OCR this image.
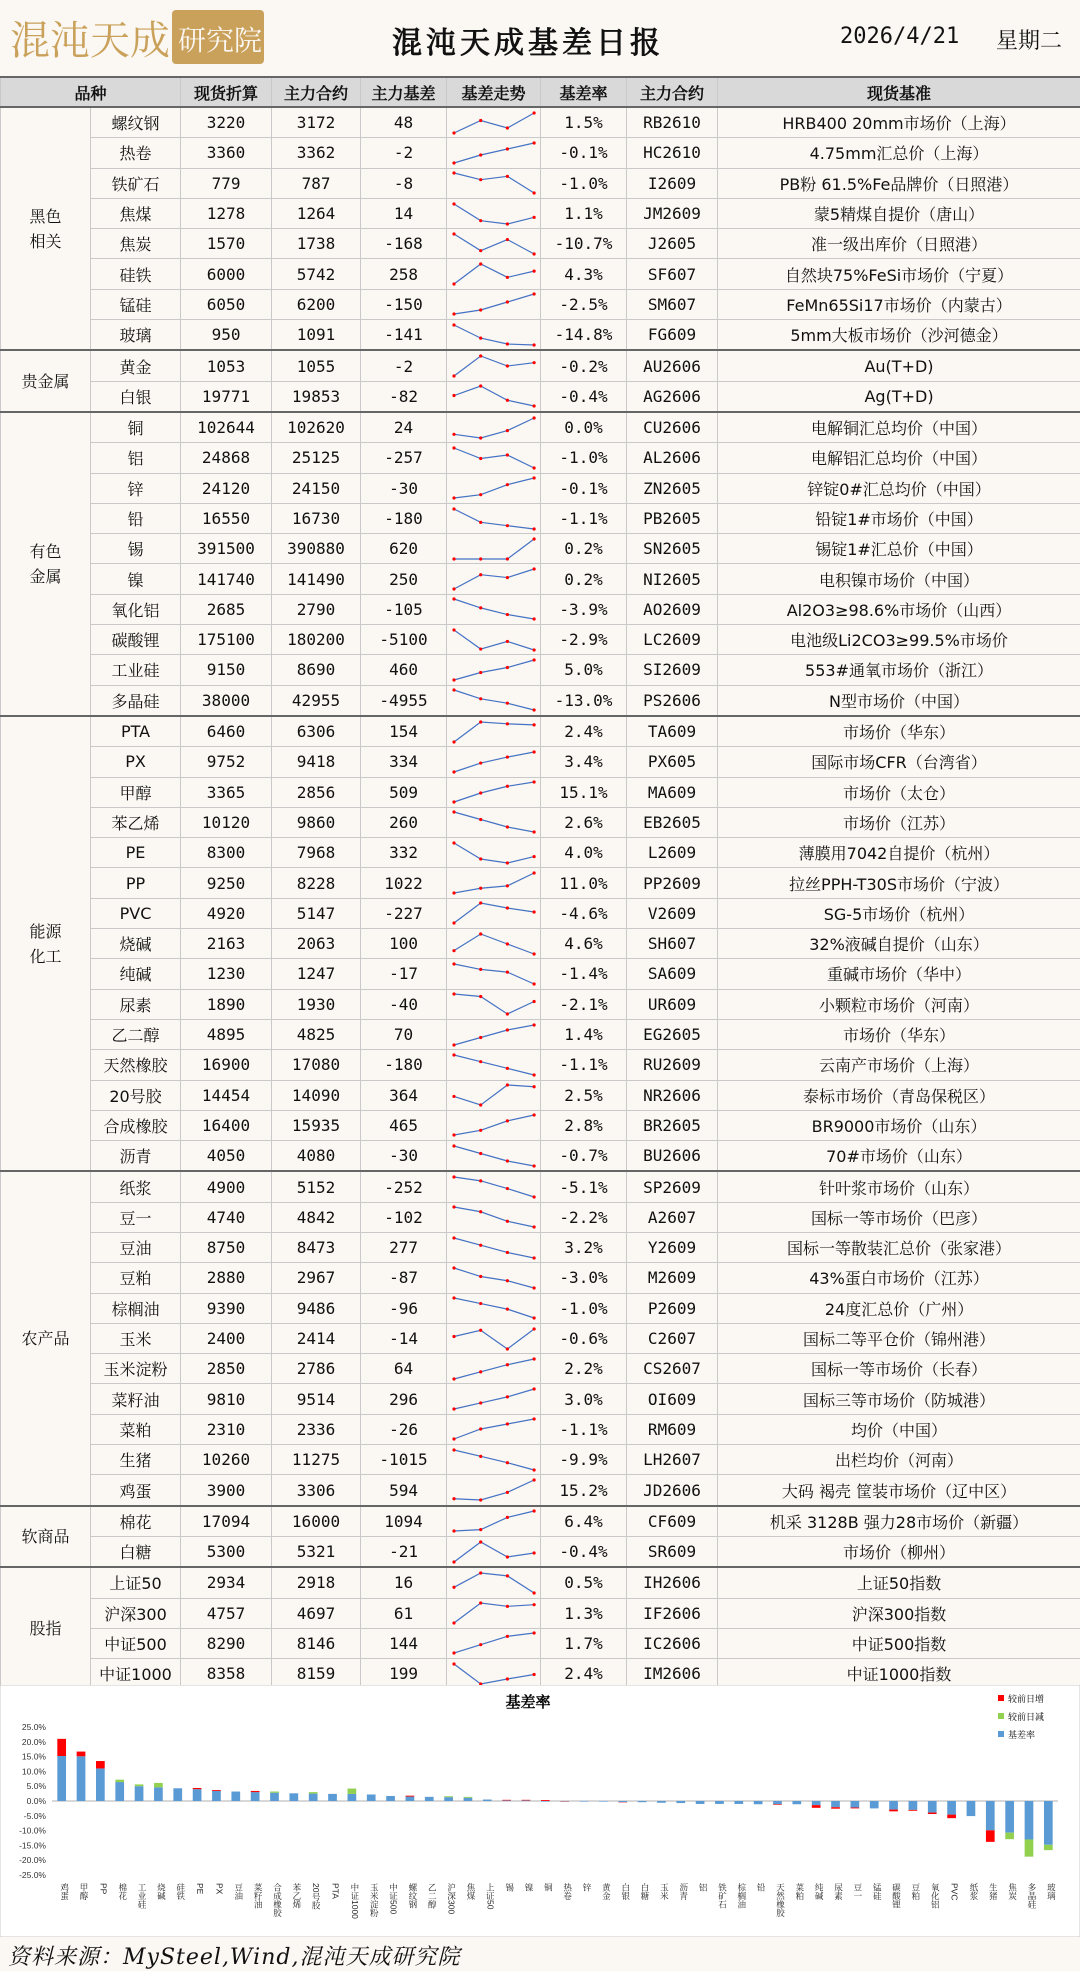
混沌天成 研究院	混沌天成基差日报	2026/4/21 星期二
品种		现货折算	主力合约	主力基差	基差走势	基差率	主力合约	现货基准

黑色
相关	螺纹钢	3220	3172	48		1.5%	RB2610	HRB400 20mm市场价（上海）
	热卷	3360	3362	-2		-0.1%	HC2610	4.75mm汇总价（上海）
	铁矿石	779	787	-8		-1.0%	I2609	PB粉 61.5%Fe品牌价（日照港）
	焦煤	1278	1264	14		1.1%	JM2609	蒙5精煤自提价（唐山）
	焦炭	1570	1738	-168		-10.7%	J2605	准一级出库价（日照港）
	硅铁	6000	5742	258		4.3%	SF607	自然块75%FeSi市场价（宁夏）
	锰硅	6050	6200	-150		-2.5%	SM607	FeMn65Si17市场价（内蒙古）
	玻璃	950	1091	-141		-14.8%	FG609	5mm大板市场价（沙河德金）

贵金属	黄金	1053	1055	-2		-0.2%	AU2606	Au(T+D)
	白银	19771	19853	-82		-0.4%	AG2606	Ag(T+D)

有色
金属	铜	102644	102620	24		0.0%	CU2606	电解铜汇总均价（中国）
	铝	24868	25125	-257		-1.0%	AL2606	电解铝汇总均价（中国）
	锌	24120	24150	-30		-0.1%	ZN2605	锌锭0#汇总均价（中国）
	铅	16550	16730	-180		-1.1%	PB2605	铅锭1#市场价（中国）
	锡	391500	390880	620		0.2%	SN2605	锡锭1#汇总价（中国）
	镍	141740	141490	250		0.2%	NI2605	电积镍市场价（中国）
	氧化铝	2685	2790	-105		-3.9%	AO2609	Al2O3≥98.6%市场价（山西）
	碳酸锂	175100	180200	-5100		-2.9%	LC2609	电池级Li2CO3≥99.5%市场价
	工业硅	9150	8690	460		5.0%	SI2609	553#通氧市场价（浙江）
	多晶硅	38000	42955	-4955		-13.0%	PS2606	N型市场价（中国）

能源
化工	PTA	6460	6306	154		2.4%	TA609	市场价（华东）
	PX	9752	9418	334		3.4%	PX605	国际市场CFR（台湾省）
	甲醇	3365	2856	509		15.1%	MA609	市场价（太仓）
	苯乙烯	10120	9860	260		2.6%	EB2605	市场价（江苏）
	PE	8300	7968	332		4.0%	L2609	薄膜用7042自提价（杭州）
	PP	9250	8228	1022		11.0%	PP2609	拉丝PPH-T30S市场价（宁波）
	PVC	4920	5147	-227		-4.6%	V2609	SG-5市场价（杭州）
	烧碱	2163	2063	100		4.6%	SH607	32%液碱自提价（山东）
	纯碱	1230	1247	-17		-1.4%	SA609	重碱市场价（华中）
	尿素	1890	1930	-40		-2.1%	UR609	小颗粒市场价（河南）
	乙二醇	4895	4825	70		1.4%	EG2605	市场价（华东）
	天然橡胶	16900	17080	-180		-1.1%	RU2609	云南产市场价（上海）
	20号胶	14454	14090	364		2.5%	NR2606	泰标市场价（青岛保税区）
	合成橡胶	16400	15935	465		2.8%	BR2605	BR9000市场价（山东）
	沥青	4050	4080	-30		-0.7%	BU2606	70#市场价（山东）

农产品	纸浆	4900	5152	-252		-5.1%	SP2609	针叶浆市场价（山东）
	豆一	4740	4842	-102		-2.2%	A2607	国标一等市场价（巴彦）
	豆油	8750	8473	277		3.2%	Y2609	国标一等散装汇总价（张家港）
	豆粕	2880	2967	-87		-3.0%	M2609	43%蛋白市场价（江苏）
	棕榈油	9390	9486	-96		-1.0%	P2609	24度汇总价（广州）
	玉米	2400	2414	-14		-0.6%	C2607	国标二等平仓价（锦州港）
	玉米淀粉	2850	2786	64		2.2%	CS2607	国标一等市场价（长春）
	菜籽油	9810	9514	296		3.0%	OI609	国标三等市场价（防城港）
	菜粕	2310	2336	-26		-1.1%	RM609	均价（中国）
	生猪	10260	11275	-1015		-9.9%	LH2607	出栏均价（河南）
	鸡蛋	3900	3306	594		15.2%	JD2606	大码 褐壳 筐装市场价（辽中区）

软商品	棉花	17094	16000	1094		6.4%	CF609	机采 3128B 强力28市场价（新疆）
	白糖	5300	5321	-21		-0.4%	SR609	市场价（柳州）

股指	上证50	2934	2918	16		0.5%	IH2606	上证50指数
	沪深300	4757	4697	61		1.3%	IF2606	沪深300指数
	中证500	8290	8146	144		1.7%	IC2606	中证500指数
	中证1000	8358	8159	199		2.4%	IM2606	中证1000指数
基差率
25.0%
20.0%
15.0%
10.0%
5.0%
0.0%
-5.0%
-10.0%
-15.0%
-20.0%
-25.0%
鸡蛋 甲醇 PP 棉花 工业硅 烧碱 硅铁 PE PX 豆油 菜籽油 合成橡胶 苯乙烯 20号胶 PTA 中证1000 玉米淀粉 中证500 螺纹钢 乙二醇 沪深300 焦煤 上证50 锡 镍 铜 热卷 锌 黄金 白银 白糖 玉米 沥青 铝 铁矿石 棕榈油 铅 天然橡胶 菜粕 纯碱 尿素 豆一 锰硅 碳酸锂 豆粕 氧化铝 PVC 纸浆 生猪 焦炭 多晶硅 玻璃
较前日增
较前日减
基差率
资料来源：MySteel,Wind,混沌天成研究院
